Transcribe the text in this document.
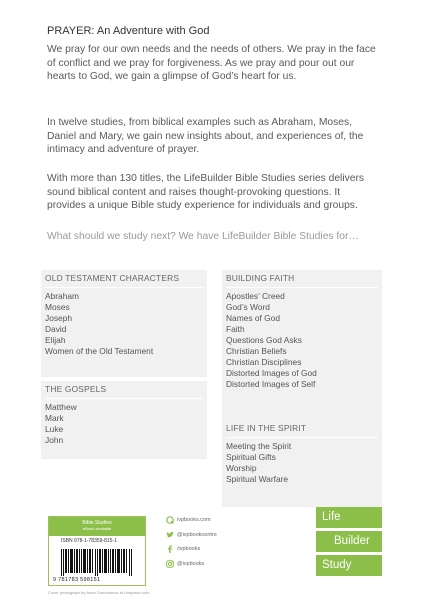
PRAYER: An Adventure with God
We pray for our own needs and the needs of others. We pray in the face of conflict and we pray for forgiveness. As we pray and pour out our hearts to God, we gain a glimpse of God’s heart for us.
In twelve studies, from biblical examples such as Abraham, Moses, Daniel and Mary, we gain new insights about, and experiences of, the intimacy and adventure of prayer.
With more than 130 titles, the LifeBuilder Bible Studies series delivers sound biblical content and raises thought-provoking questions. It provides a unique Bible study experience for individuals and groups.
What should we study next? We have LifeBuilder Bible Studies for…
OLD TESTAMENT CHARACTERS
Abraham
Moses
Joseph
David
Elijah
Women of the Old Testament
THE GOSPELS
Matthew
Mark
Luke
John
BUILDING FAITH
Apostles’ Creed
God’s Word
Names of God
Faith
Questions God Asks
Christian Beliefs
Christian Disciplines
Distorted Images of God
Distorted Images of Self
LIFE IN THE SPIRIT
Meeting the Spirit
Spiritual Gifts
Worship
Spiritual Warfare
Bible Studies
eBook available
ISBN 978-1-78359-815-1
9 781783 598151
ivpbooks.com
@ivpbookcentre
/ivpbooks
@ivpbooks
Cover photograph by Anna Goncharova at Unsplash.com
Life
Builder
Study
